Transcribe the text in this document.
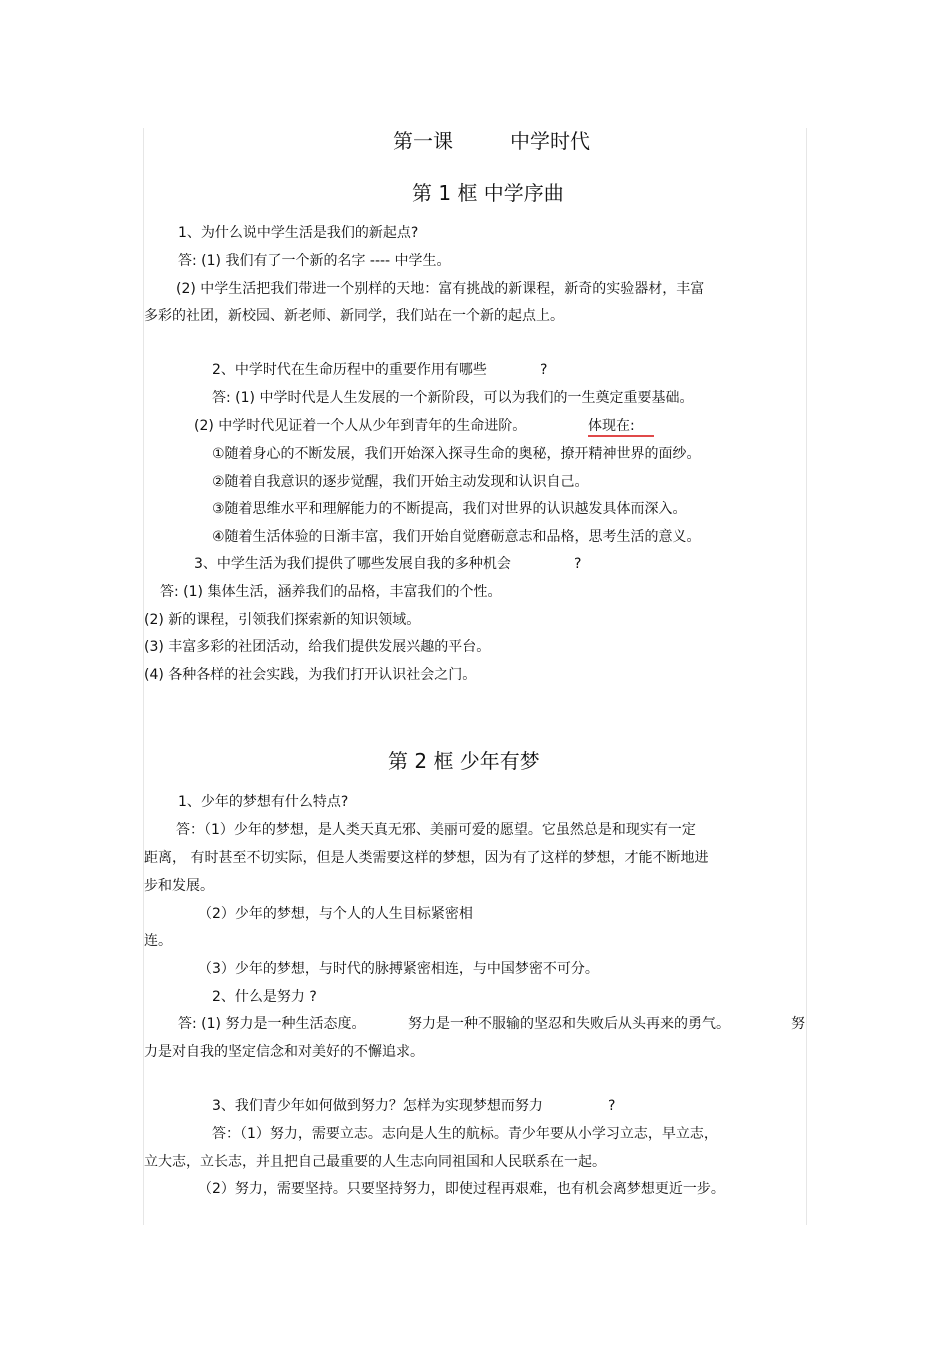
第一课	中学时代
第 1 框 中学序曲
1、为什么说中学生活是我们的新起点?
答: (1) 我们有了一个新的名字 ---- 中学生。
(2) 中学生活把我们带进一个别样的天地：富有挑战的新课程，新奇的实验器材，丰富
多彩的社团，新校园、新老师、新同学，我们站在一个新的起点上。
2、中学时代在生命历程中的重要作用有哪些	?
答: (1) 中学时代是人生发展的一个新阶段，可以为我们的一生奠定重要基础。
(2) 中学时代见证着一个人从少年到青年的生命进阶。	体现在:
①随着身心的不断发展，我们开始深入探寻生命的奥秘，撩开精神世界的面纱。
②随着自我意识的逐步觉醒，我们开始主动发现和认识自己。
③随着思维水平和理解能力的不断提高，我们对世界的认识越发具体而深入。
④随着生活体验的日渐丰富，我们开始自觉磨砺意志和品格，思考生活的意义。
3、中学生活为我们提供了哪些发展自我的多种机会	?
答: (1) 集体生活，涵养我们的品格，丰富我们的个性。
(2) 新的课程，引领我们探索新的知识领域。
(3) 丰富多彩的社团活动，给我们提供发展兴趣的平台。
(4) 各种各样的社会实践，为我们打开认识社会之门。
第 2 框 少年有梦
1、少年的梦想有什么特点?
答：（1）少年的梦想，是人类天真无邪、美丽可爱的愿望。它虽然总是和现实有一定
距离， 有时甚至不切实际，但是人类需要这样的梦想，因为有了这样的梦想，才能不断地进
步和发展。
（2）少年的梦想，与个人的人生目标紧密相
连。
（3）少年的梦想，与时代的脉搏紧密相连，与中国梦密不可分。
2、什么是努力 ?
答: (1) 努力是一种生活态度。	努力是一种不服输的坚忍和失败后从头再来的勇气。	努
力是对自我的坚定信念和对美好的不懈追求。
3、我们青少年如何做到努力？怎样为实现梦想而努力	?
答：（1）努力，需要立志。志向是人生的航标。青少年要从小学习立志，早立志，
立大志，立长志，并且把自己最重要的人生志向同祖国和人民联系在一起。
（2）努力，需要坚持。只要坚持努力，即使过程再艰难，也有机会离梦想更近一步。
